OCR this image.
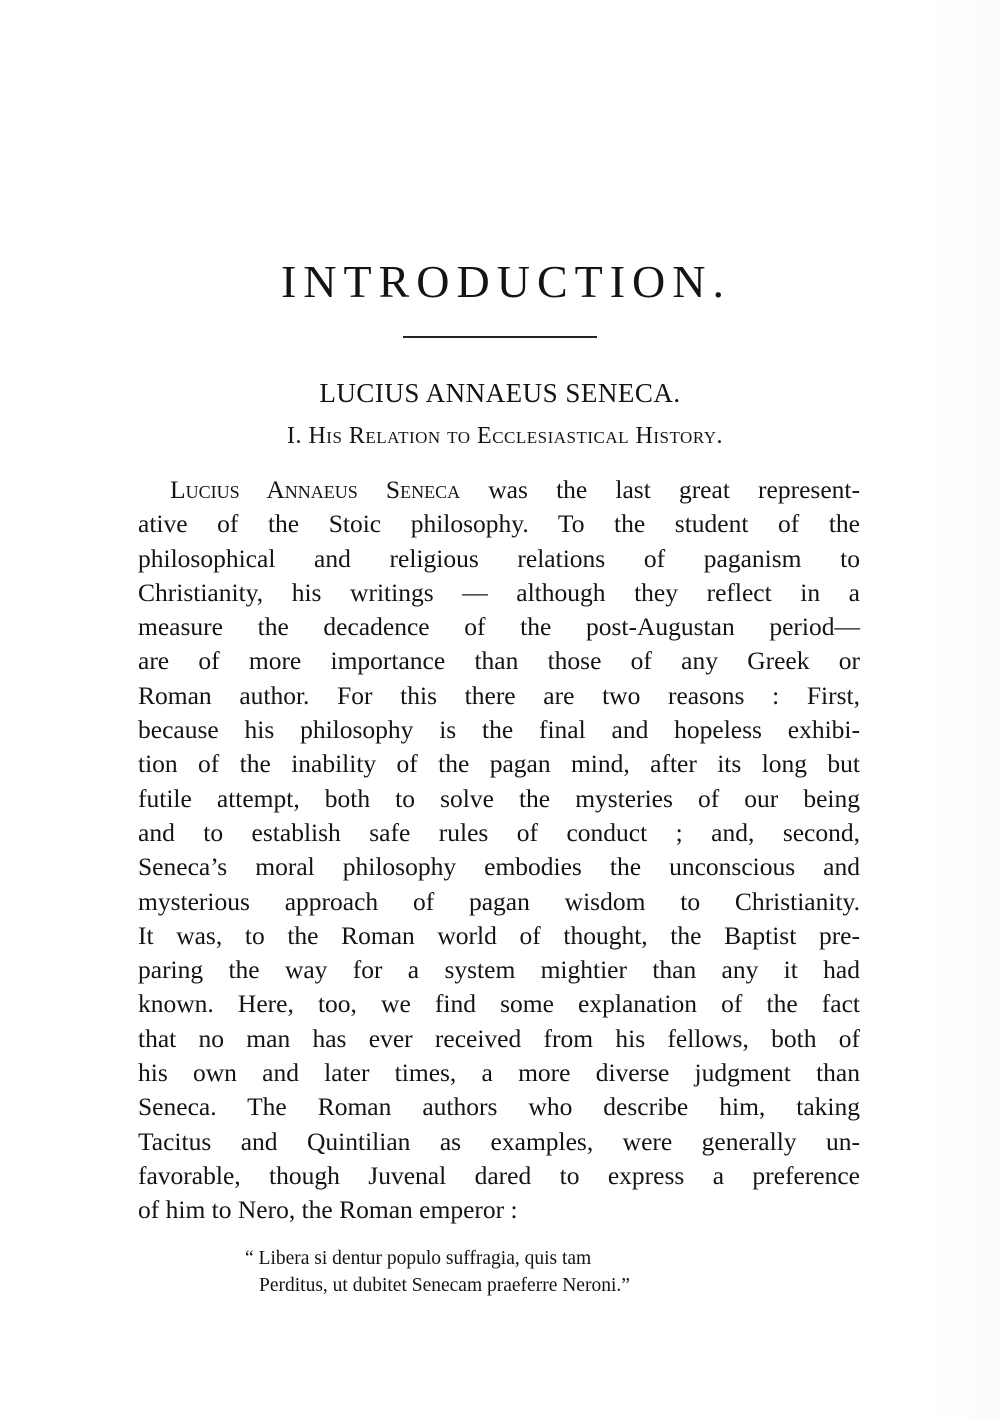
INTRODUCTION.
LUCIUS ANNAEUS SENECA.
I. His Relation to Ecclesiastical History.
Lucius Annaeus Seneca was the last great represent-
ative of the Stoic philosophy. To the student of the
philosophical and religious relations of paganism to
Christianity, his writings — although they reflect in a
measure the decadence of the post-Augustan period—
are of more importance than those of any Greek or
Roman author. For this there are two reasons : First,
because his philosophy is the final and hopeless exhibi-
tion of the inability of the pagan mind, after its long but
futile attempt, both to solve the mysteries of our being
and to establish safe rules of conduct ; and, second,
Seneca’s moral philosophy embodies the unconscious and
mysterious approach of pagan wisdom to Christianity.
It was, to the Roman world of thought, the Baptist pre-
paring the way for a system mightier than any it had
known. Here, too, we find some explanation of the fact
that no man has ever received from his fellows, both of
his own and later times, a more diverse judgment than
Seneca. The Roman authors who describe him, taking
Tacitus and Quintilian as examples, were generally un-
favorable, though Juvenal dared to express a preference
of him to Nero, the Roman emperor :
“ Libera si dentur populo suffragia, quis tam
Perditus, ut dubitet Senecam praeferre Neroni.”
